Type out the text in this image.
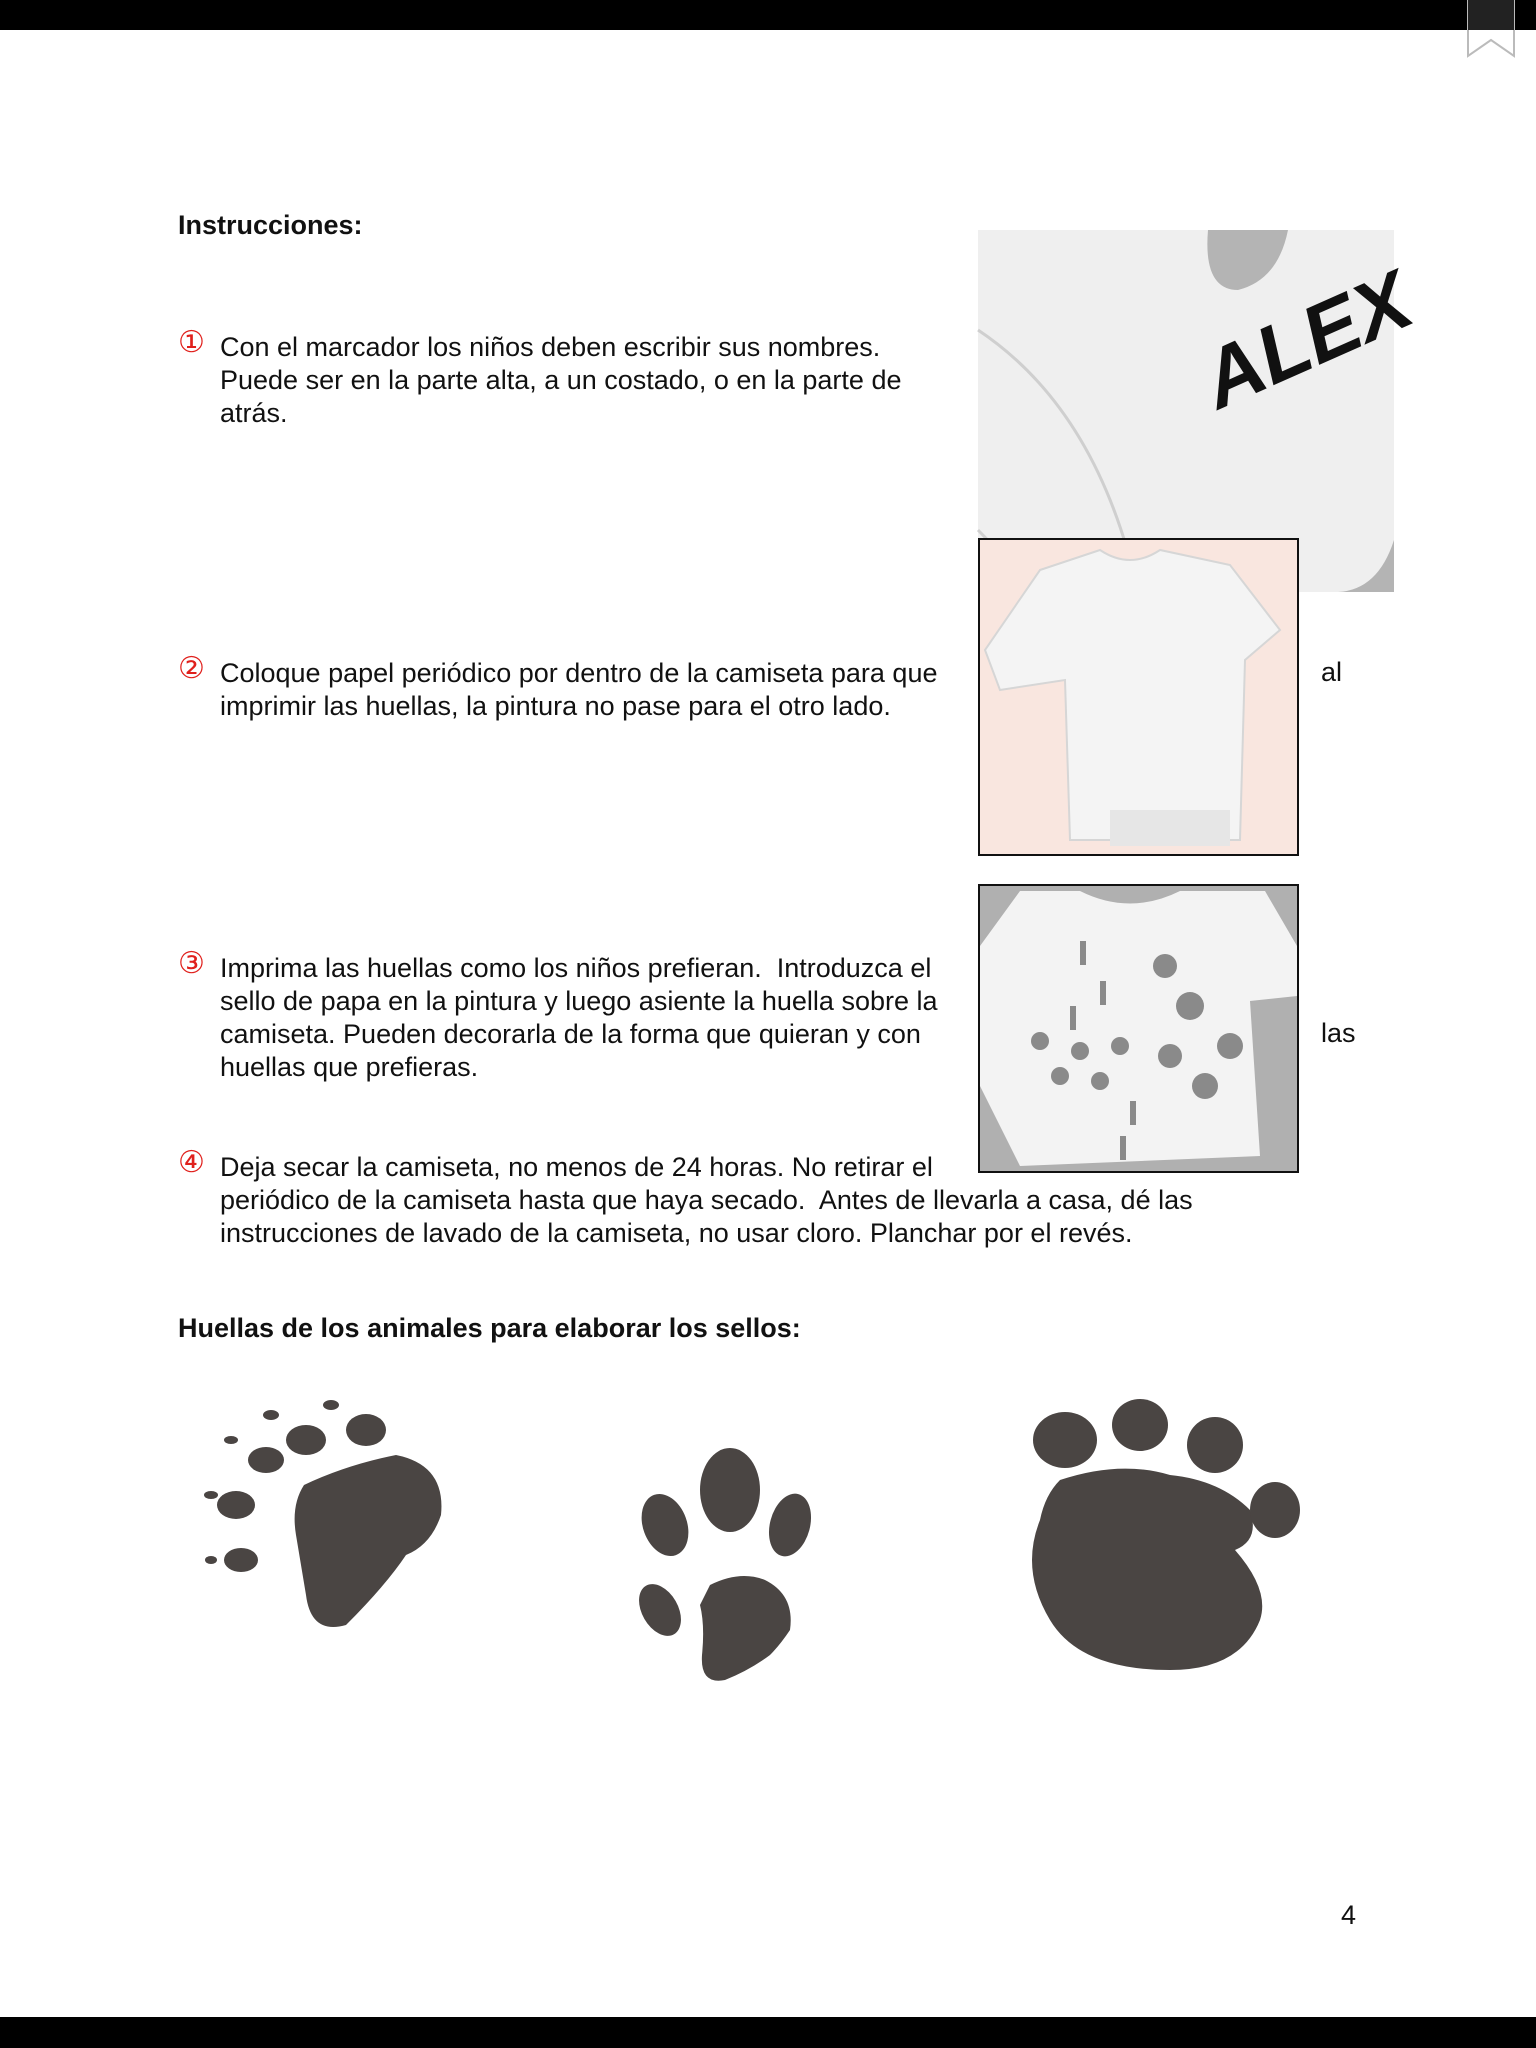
Instrucciones:
① Con el marcador los niños deben escribir sus nombres.
Puede ser en la parte alta, a un costado, o en la parte de
atrás.
② Coloque papel periódico por dentro de la camiseta para que
imprimir las huellas, la pintura no pase para el otro lado.
al
③ Imprima las huellas como los niños prefieran.  Introduzca el
sello de papa en la pintura y luego asiente la huella sobre la
camiseta. Pueden decorarla de la forma que quieran y con
huellas que prefieras.
las
④ Deja secar la camiseta, no menos de 24 horas. No retirar el
periódico de la camiseta hasta que haya secado.  Antes de llevarla a casa, dé las
instrucciones de lavado de la camiseta, no usar cloro. Planchar por el revés.
ALEX
Huellas de los animales para elaborar los sellos:
4
